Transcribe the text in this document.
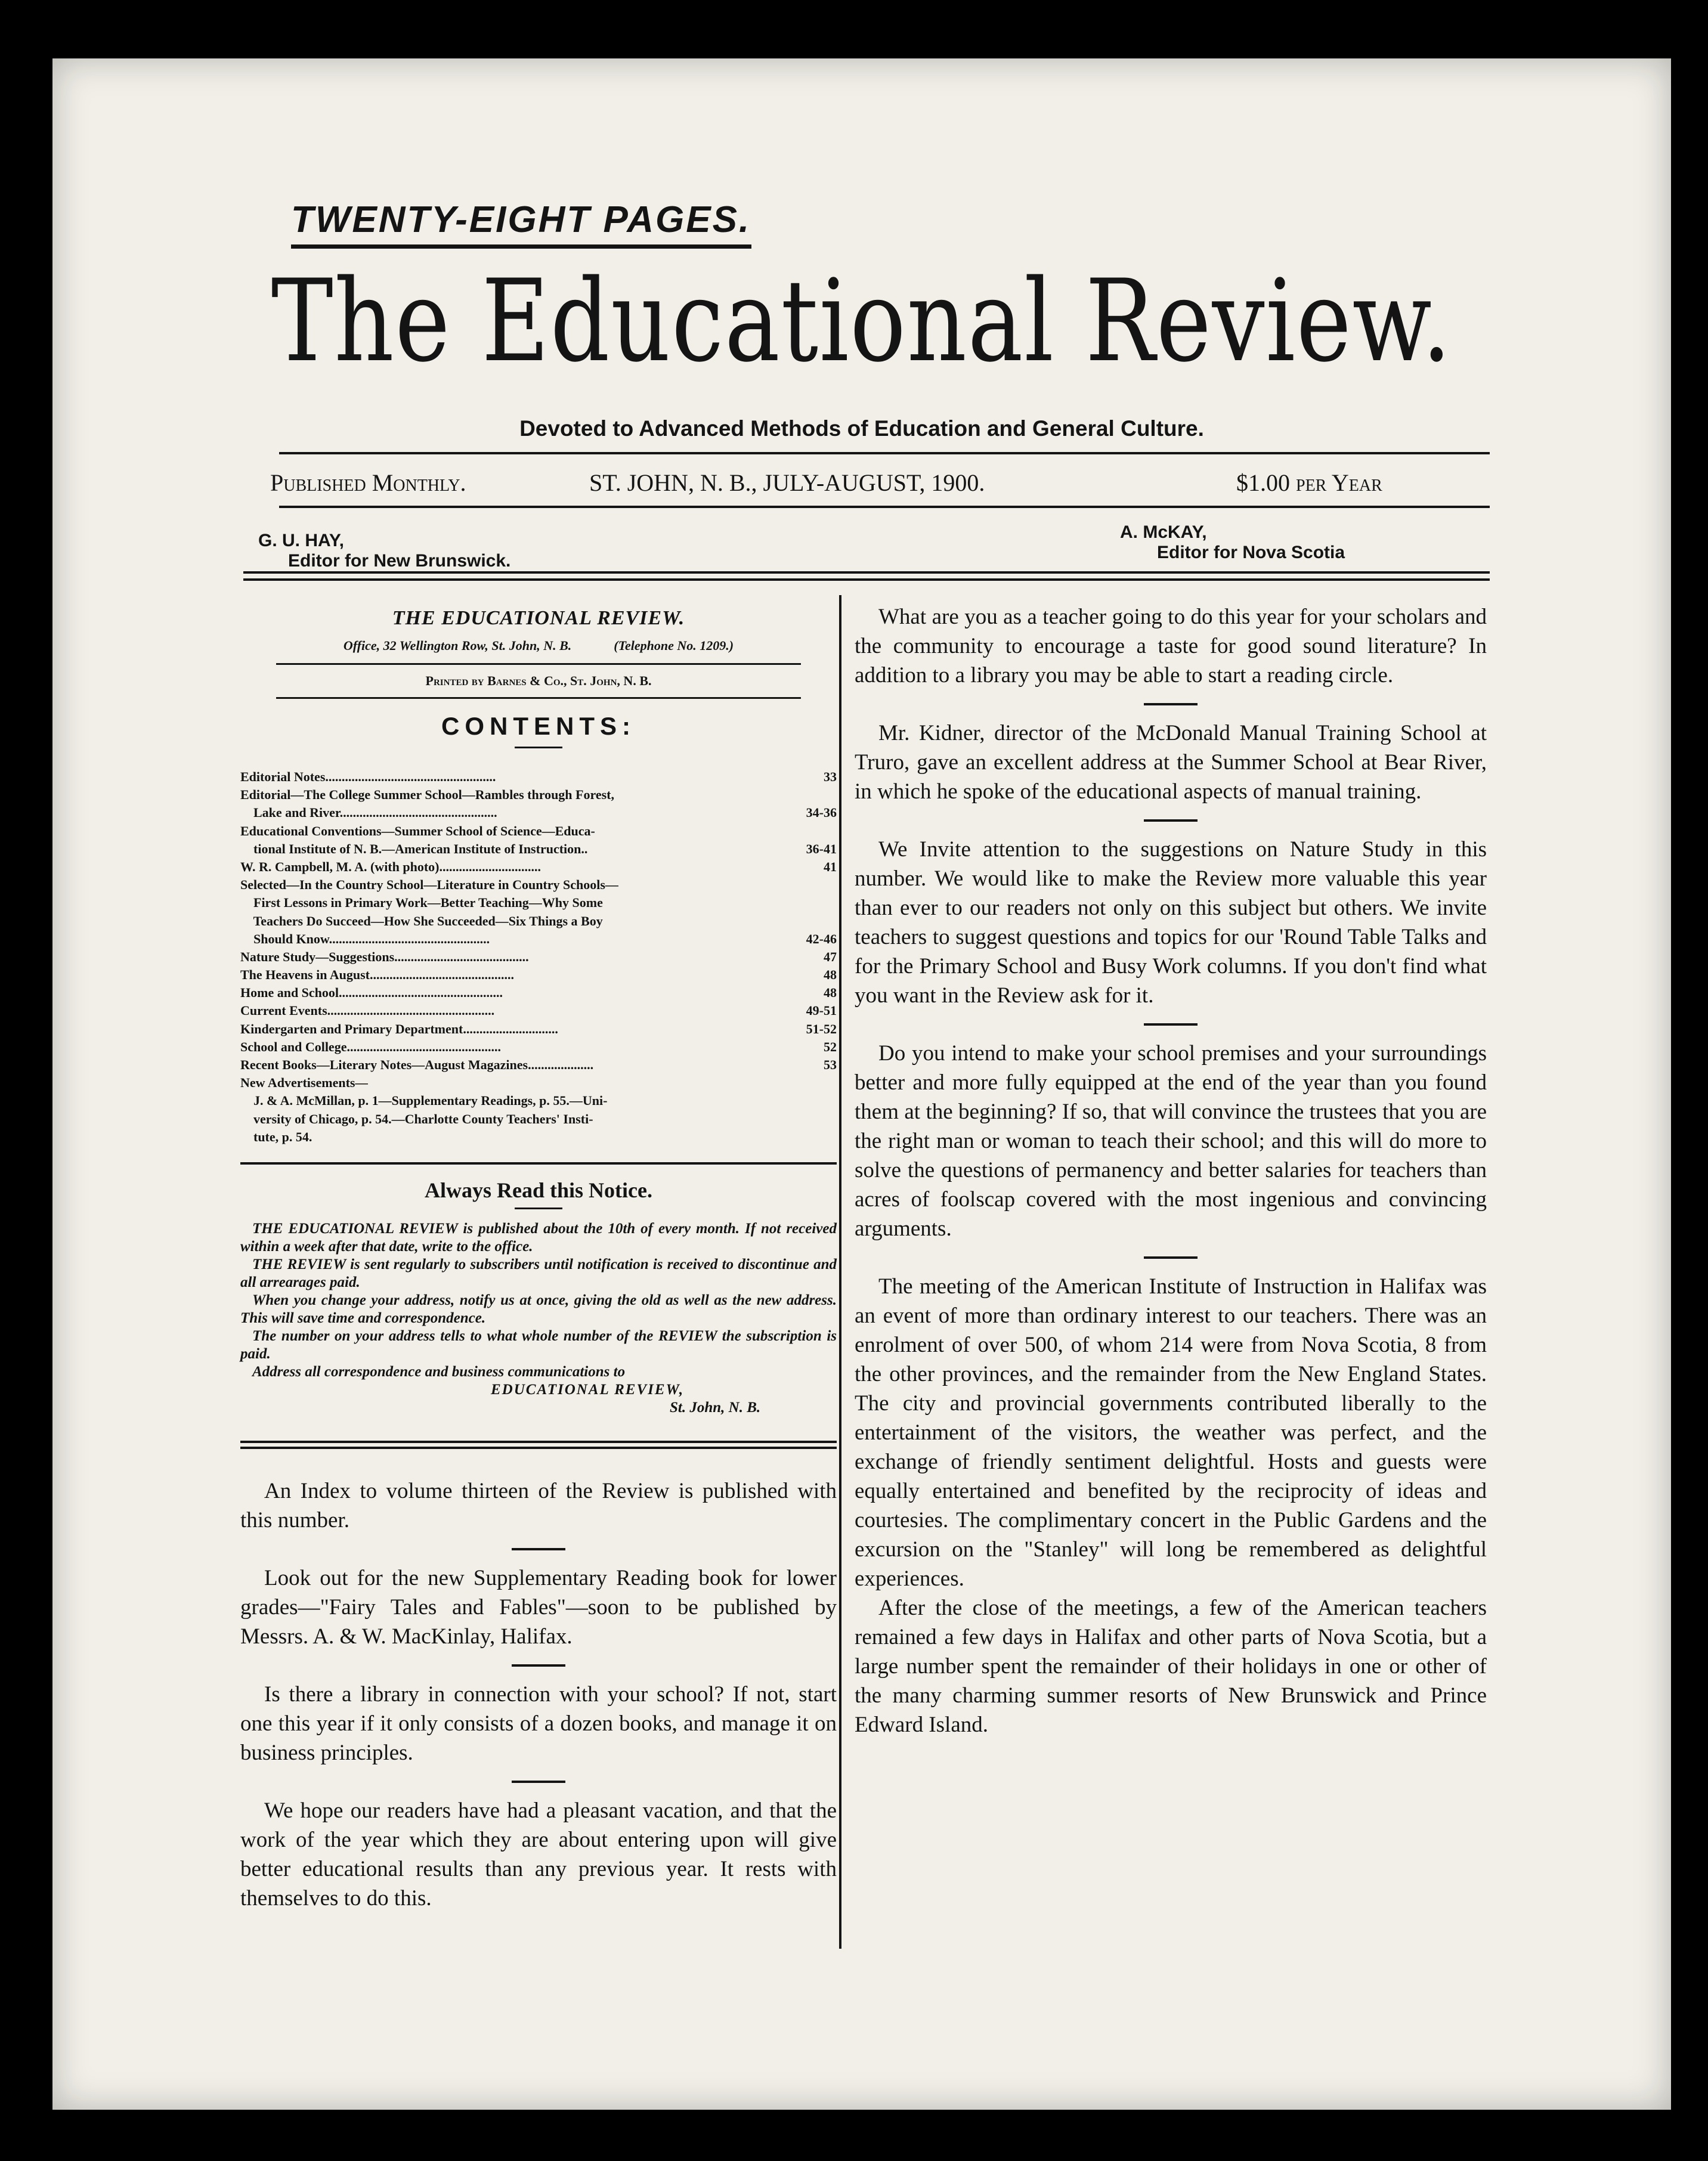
TWENTY-EIGHT PAGES.
The Educational Review.
Devoted to Advanced Methods of Education and General Culture.
Published Monthly.	ST. JOHN, N. B., JULY-AUGUST, 1900.	$1.00 per Year
G. U. HAY,
Editor for New Brunswick.
A. McKAY,
Editor for Nova Scotia
THE EDUCATIONAL REVIEW.
Office, 32 Wellington Row, St. John, N. B.	(Telephone No. 1209.)
Printed by Barnes & Co., St. John, N. B.
CONTENTS:
Editorial Notes....................................................	33
Editorial—The College Summer School—Rambles through Forest,
Lake and River................................................	34-36
Educational Conventions—Summer School of Science—Educa-
tional Institute of N. B.—American Institute of Instruction..	36-41
W. R. Campbell, M. A. (with photo)...............................	41
Selected—In the Country School—Literature in Country Schools—
First Lessons in Primary Work—Better Teaching—Why Some
Teachers Do Succeed—How She Succeeded—Six Things a Boy
Should Know.................................................	42-46
Nature Study—Suggestions.........................................	47
The Heavens in August............................................	48
Home and School..................................................	48
Current Events...................................................	49-51
Kindergarten and Primary Department.............................	51-52
School and College...............................................	52
Recent Books—Literary Notes—August Magazines....................	53
New Advertisements—
J. & A. McMillan, p. 1—Supplementary Readings, p. 55.—Uni-
versity of Chicago, p. 54.—Charlotte County Teachers' Insti-
tute, p. 54.
Always Read this Notice.

THE EDUCATIONAL REVIEW is published about the 10th of every month. If not received within a week after that date, write to the office.

THE REVIEW is sent regularly to subscribers until notification is received to discontinue and all arrearages paid.

When you change your address, notify us at once, giving the old as well as the new address. This will save time and correspondence.

The number on your address tells to what whole number of the REVIEW the subscription is paid.

Address all correspondence and business communications to

EDUCATIONAL REVIEW,

St. John, N. B.

An Index to volume thirteen of the Review is published with this number.

Look out for the new Supplementary Reading book for lower grades—"Fairy Tales and Fables"—soon to be published by Messrs. A. & W. MacKinlay, Halifax.

Is there a library in connection with your school? If not, start one this year if it only consists of a dozen books, and manage it on business principles.

We hope our readers have had a pleasant vacation, and that the work of the year which they are about entering upon will give better educational results than any previous year. It rests with themselves to do this.

What are you as a teacher going to do this year for your scholars and the community to encourage a taste for good sound literature? In addition to a library you may be able to start a reading circle.

Mr. Kidner, director of the McDonald Manual Training School at Truro, gave an excellent address at the Summer School at Bear River, in which he spoke of the educational aspects of manual training.

We Invite attention to the suggestions on Nature Study in this number. We would like to make the Review more valuable this year than ever to our readers not only on this subject but others. We invite teachers to suggest questions and topics for our 'Round Table Talks and for the Primary School and Busy Work columns. If you don't find what you want in the Review ask for it.

Do you intend to make your school premises and your surroundings better and more fully equipped at the end of the year than you found them at the beginning? If so, that will convince the trustees that you are the right man or woman to teach their school; and this will do more to solve the questions of permanency and better salaries for teachers than acres of foolscap covered with the most ingenious and convincing arguments.

The meeting of the American Institute of Instruction in Halifax was an event of more than ordinary interest to our teachers. There was an enrolment of over 500, of whom 214 were from Nova Scotia, 8 from the other provinces, and the remainder from the New England States. The city and provincial governments contributed liberally to the entertainment of the visitors, the weather was perfect, and the exchange of friendly sentiment delightful. Hosts and guests were equally entertained and benefited by the reciprocity of ideas and courtesies. The complimentary concert in the Public Gardens and the excursion on the "Stanley" will long be remembered as delightful experiences.

After the close of the meetings, a few of the American teachers remained a few days in Halifax and other parts of Nova Scotia, but a large number spent the remainder of their holidays in one or other of the many charming summer resorts of New Brunswick and Prince Edward Island.
